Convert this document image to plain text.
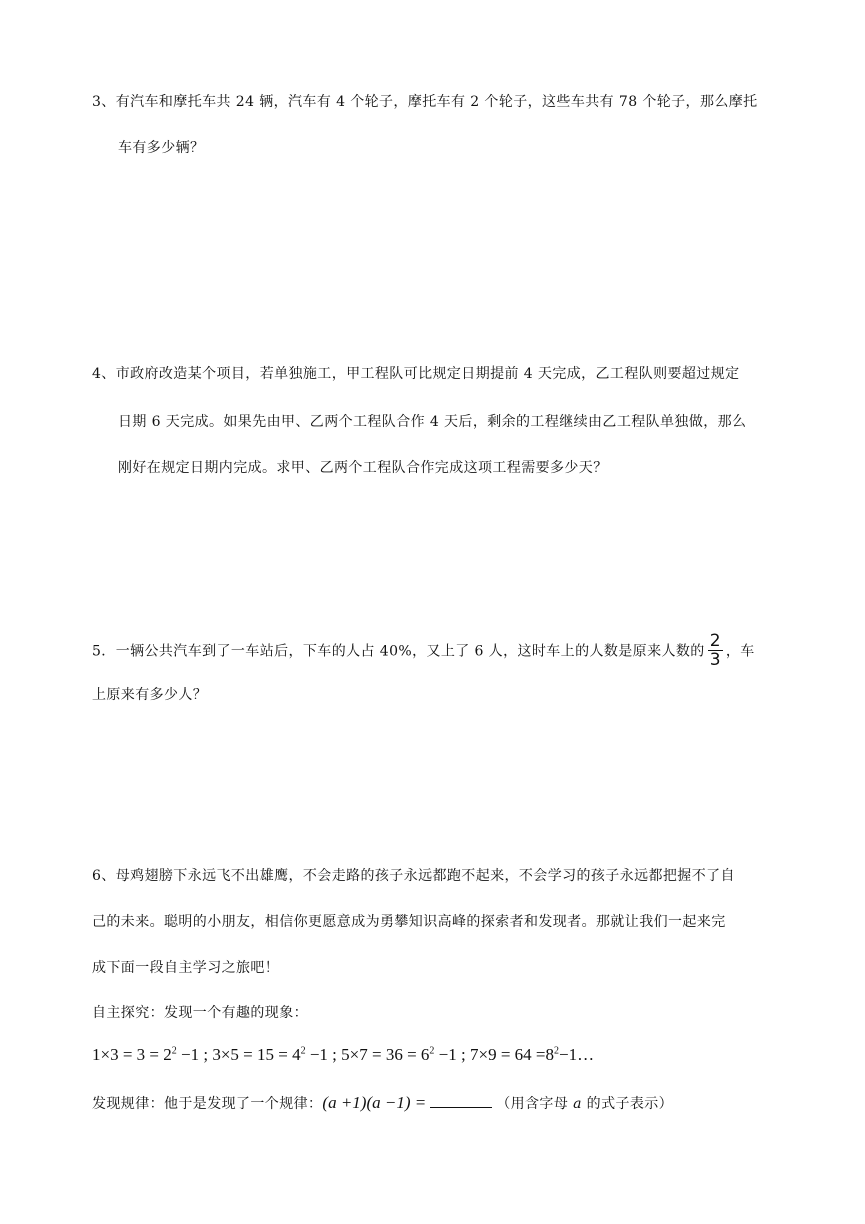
3、有汽车和摩托车共 24 辆，汽车有 4 个轮子，摩托车有 2 个轮子，这些车共有 78 个轮子，那么摩托
车有多少辆？
4、市政府改造某个项目，若单独施工，甲工程队可比规定日期提前 4 天完成，乙工程队则要超过规定
日期 6 天完成。如果先由甲、乙两个工程队合作 4 天后，剩余的工程继续由乙工程队单独做，那么
刚好在规定日期内完成。求甲、乙两个工程队合作完成这项工程需要多少天？
5．一辆公共汽车到了一车站后，下车的人占 40%，又上了 6 人，这时车上的人数是原来人数的 $\frac{2}{3}$ ，车
上原来有多少人？
6、母鸡翅膀下永远飞不出雄鹰，不会走路的孩子永远都跑不起来，不会学习的孩子永远都把握不了自
己的未来。聪明的小朋友，相信你更愿意成为勇攀知识高峰的探索者和发现者。那就让我们一起来完
成下面一段自主学习之旅吧！
自主探究：发现一个有趣的现象：
$1\times 3 = 3 = 2^2 -1$ ; $3\times 5 = 15 = 4^2 -1$ ; $5\times 7 = 36 = 6^2 -1$ ; $7\times 9 = 64 =8^2-1\dots$
发现规律：他于是发现了一个规律：(a +1)(a −1) =	（用含字母 a 的式子表示）
